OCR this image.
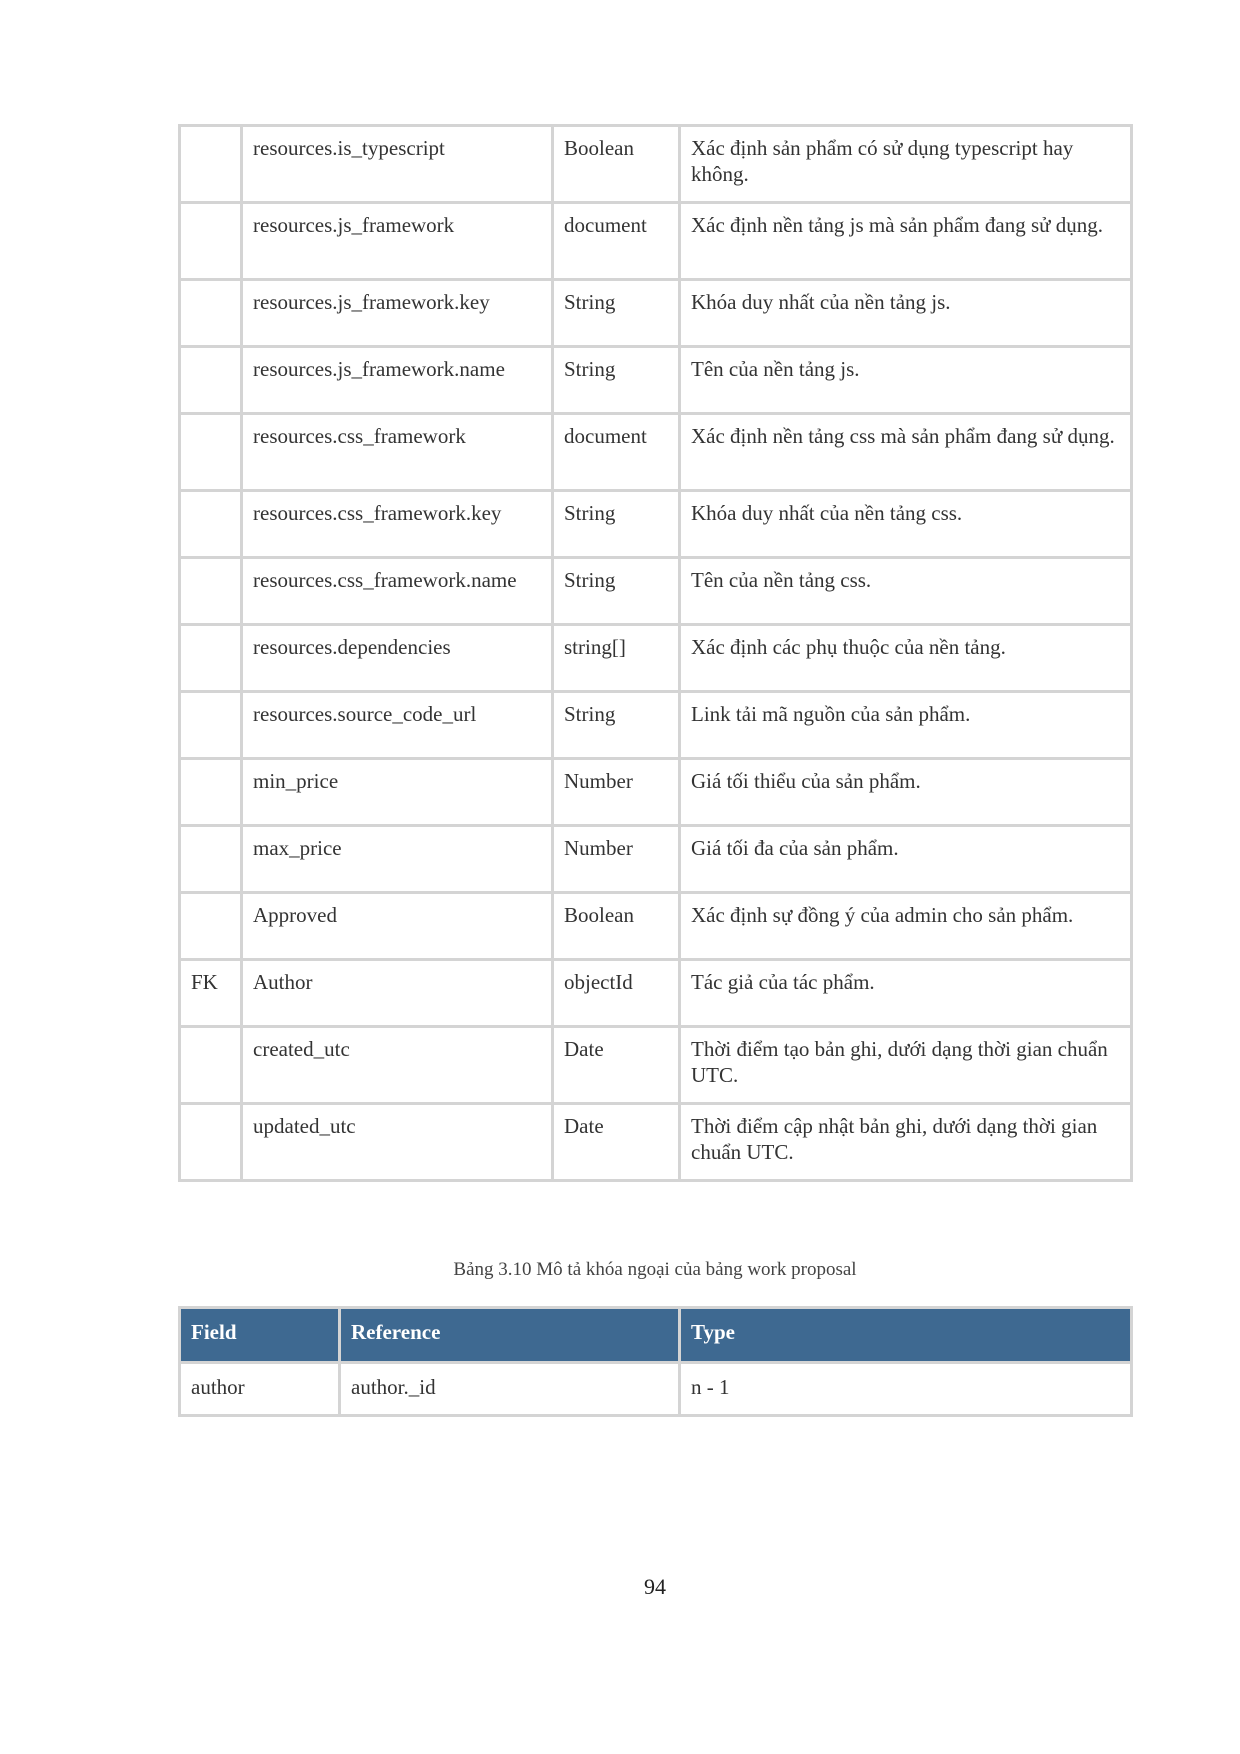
	resources.is_typescript	Boolean	Xác định sản phẩm có sử dụng typescript hay không.
	resources.js_framework	document	Xác định nền tảng js mà sản phẩm đang sử dụng.
	resources.js_framework.key	String	Khóa duy nhất của nền tảng js.
	resources.js_framework.name	String	Tên của nền tảng js.
	resources.css_framework	document	Xác định nền tảng css mà sản phẩm đang sử dụng.
	resources.css_framework.key	String	Khóa duy nhất của nền tảng css.
	resources.css_framework.name	String	Tên của nền tảng css.
	resources.dependencies	string[]	Xác định các phụ thuộc của nền tảng.
	resources.source_code_url	String	Link tải mã nguồn của sản phẩm.
	min_price	Number	Giá tối thiểu của sản phẩm.
	max_price	Number	Giá tối đa của sản phẩm.
	Approved	Boolean	Xác định sự đồng ý của admin cho sản phẩm.
FK	Author	objectId	Tác giả của tác phẩm.
	created_utc	Date	Thời điểm tạo bản ghi, dưới dạng thời gian chuẩn UTC.
	updated_utc	Date	Thời điểm cập nhật bản ghi, dưới dạng thời gian chuẩn UTC.
Bảng 3.10 Mô tả khóa ngoại của bảng work proposal
Field	Reference	Type
author	author._id	n - 1
94
